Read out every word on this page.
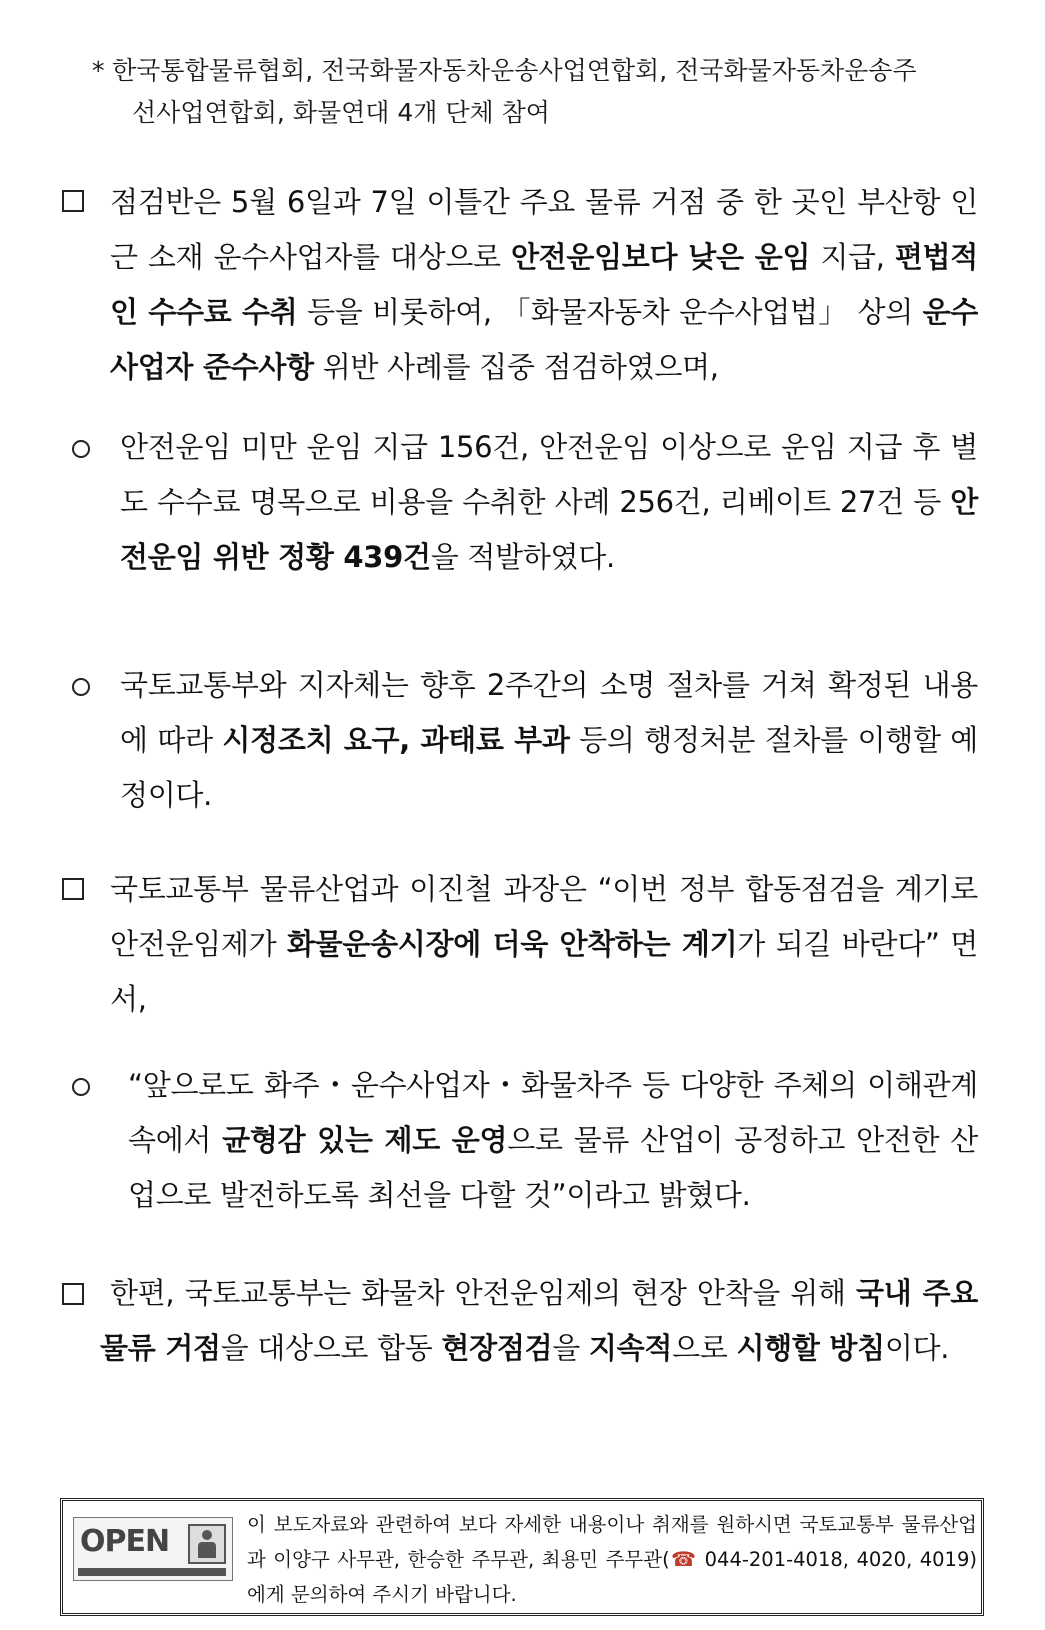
* 한국통합물류협회, 전국화물자동차운송사업연합회, 전국화물자동차운송주
선사업연합회, 화물연대 4개 단체 참여
점검반은 5월 6일과 7일 이틀간 주요 물류 거점 중 한 곳인 부산항 인근 소재 운수사업자를 대상으로 안전운임보다 낮은 운임 지급, 편법적인 수수료 수취 등을 비롯하여, 「화물자동차 운수사업법」 상의 운수사업자 준수사항 위반 사례를 집중 점검하였으며,
안전운임 미만 운임 지급 156건, 안전운임 이상으로 운임 지급 후 별도 수수료 명목으로 비용을 수취한 사례 256건, 리베이트 27건 등 안전운임 위반 정황 439건을 적발하였다.
국토교통부와 지자체는 향후 2주간의 소명 절차를 거쳐 확정된 내용에 따라 시정조치 요구, 과태료 부과 등의 행정처분 절차를 이행할 예정이다.
국토교통부 물류산업과 이진철 과장은 “이번 정부 합동점검을 계기로 안전운임제가 화물운송시장에 더욱 안착하는 계기가 되길 바란다” 면서,
“앞으로도 화주・운수사업자・화물차주 등 다양한 주체의 이해관계 속에서 균형감 있는 제도 운영으로 물류 산업이 공정하고 안전한 산업으로 발전하도록 최선을 다할 것”이라고 밝혔다.
한편, 국토교통부는 화물차 안전운임제의 현장 안착을 위해 국내 주요 물류 거점을 대상으로 합동 현장점검을 지속적으로 시행할 방침이다.
OPEN	이 보도자료와 관련하여 보다 자세한 내용이나 취재를 원하시면 국토교통부 물류산업과 이양구 사무관, 한승한 주무관, 최용민 주무관(☎ 044-201-4018, 4020, 4019)에게 문의하여 주시기 바랍니다.
